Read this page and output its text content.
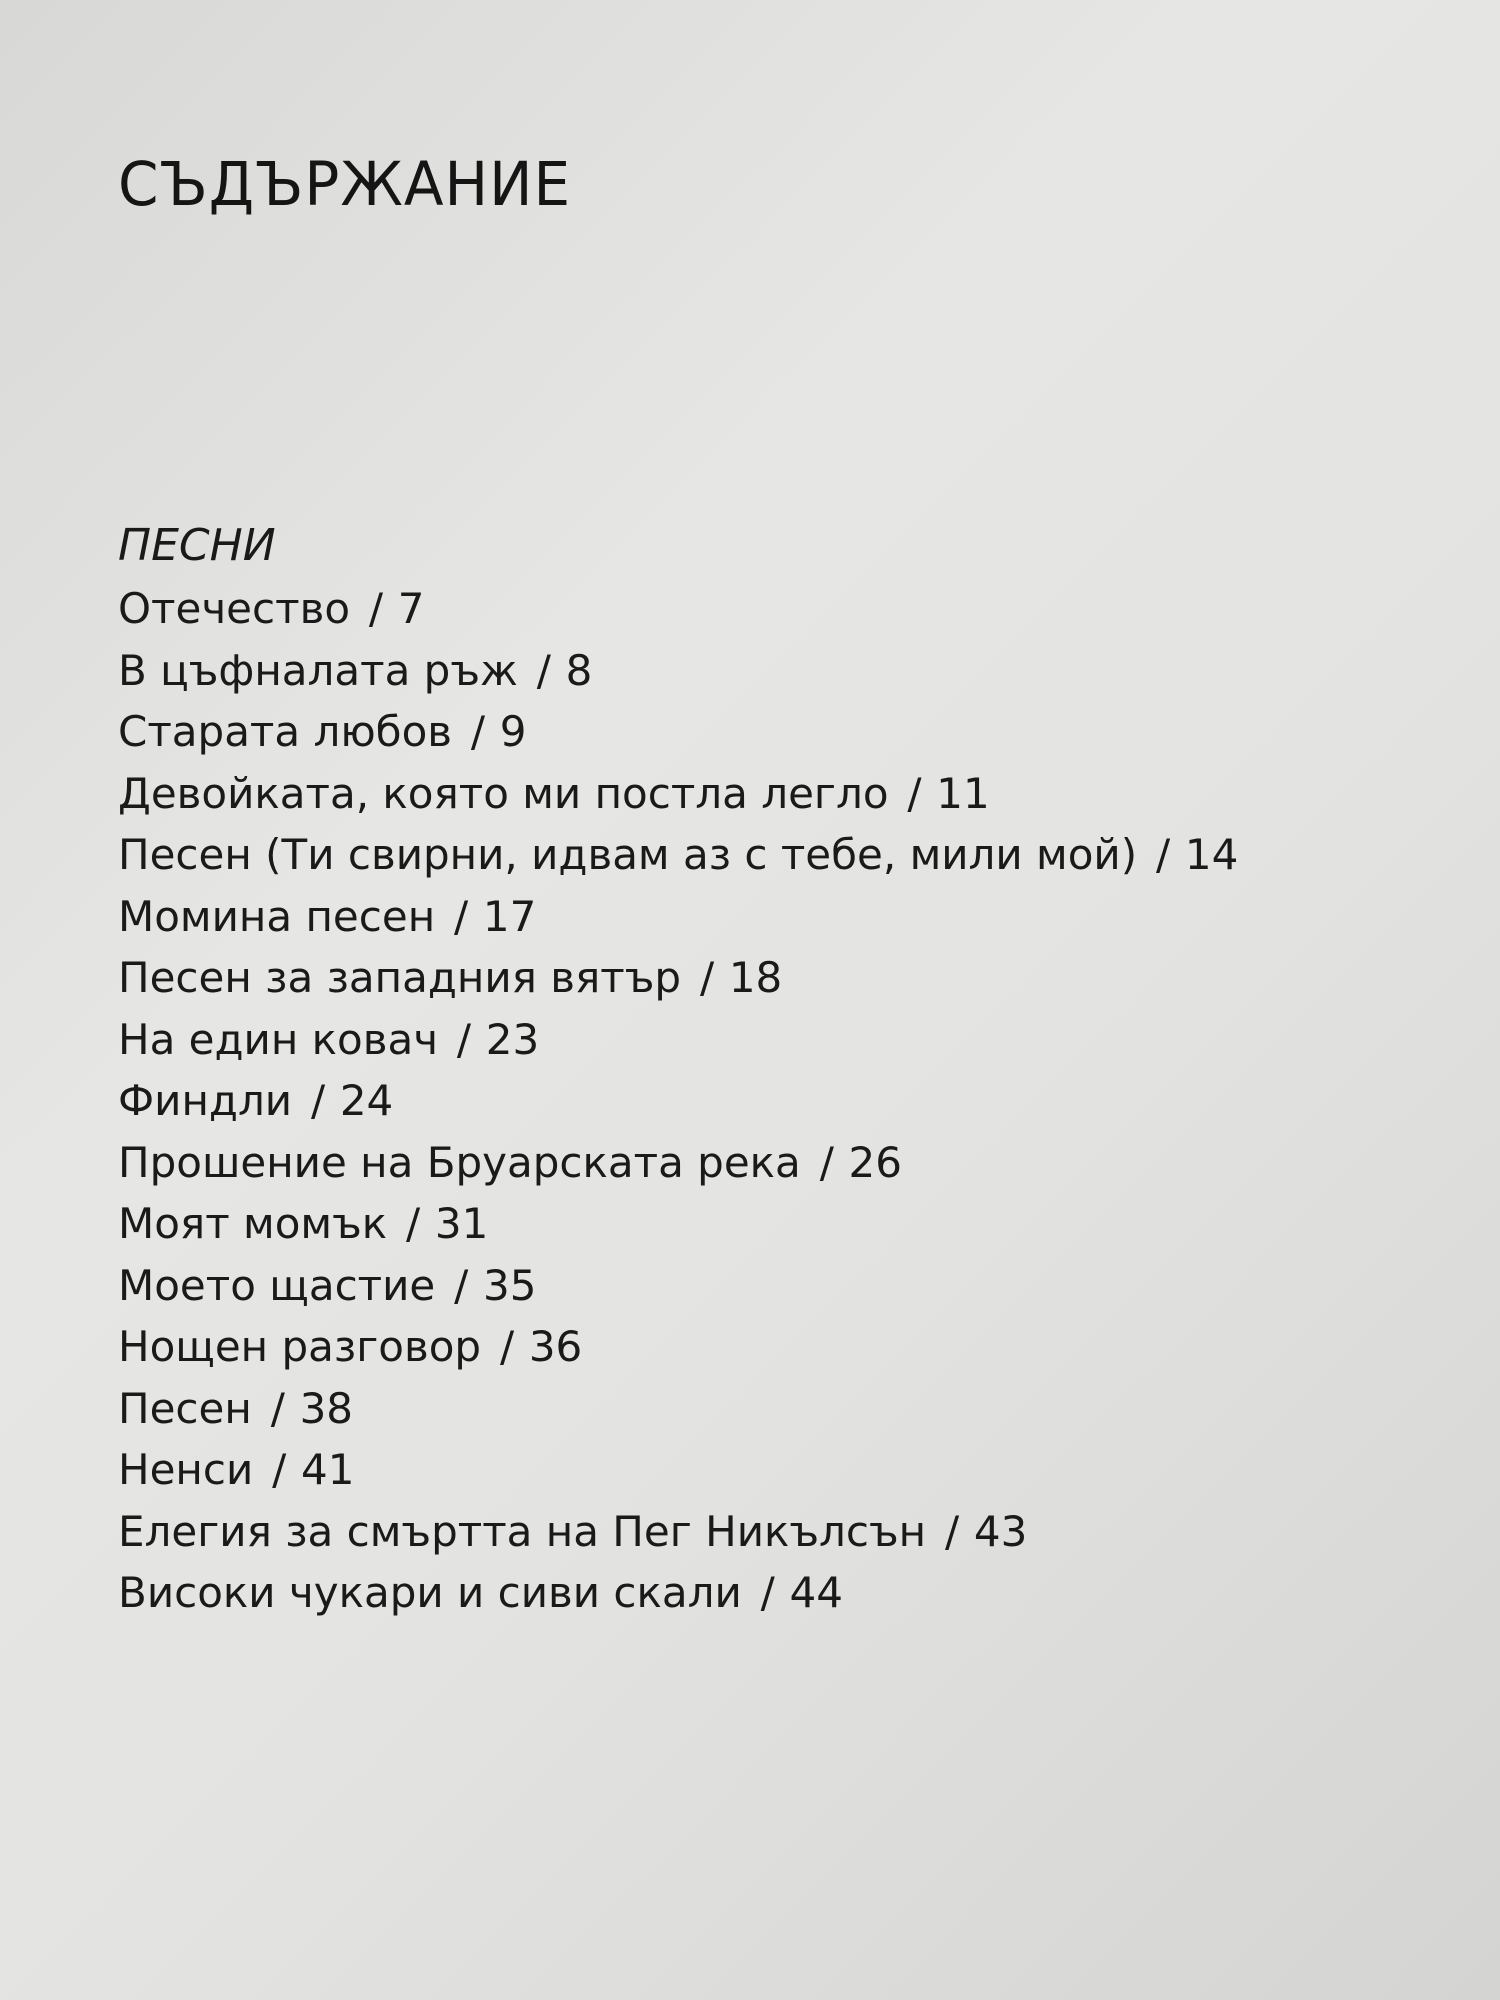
СЪДЪРЖАНИЕ
ПЕСНИ
Отечество / 7
В цъфналата ръж / 8
Старата любов / 9
Девойката, която ми постла легло / 11
Песен (Ти свирни, идвам аз с тебе, мили мой) / 14
Момина песен / 17
Песен за западния вятър / 18
На един ковач / 23
Финдли / 24
Прошение на Бруарската река / 26
Моят момък / 31
Моето щастие / 35
Нощен разговор / 36
Песен / 38
Ненси / 41
Елегия за смъртта на Пег Никълсън / 43
Високи чукари и сиви скали / 44
